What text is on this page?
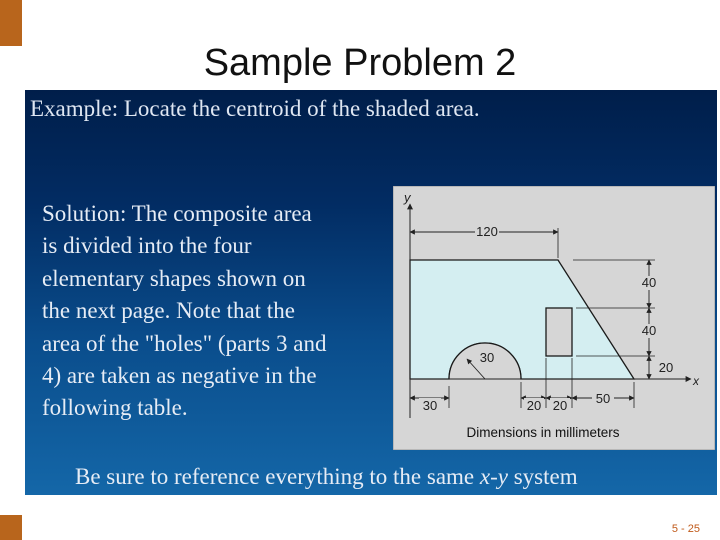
Sample Problem 2
Example: Locate the centroid of the shaded area.
Solution: The composite area
is divided into the four
elementary shapes shown on
the next page. Note that the
area of the "holes" (parts 3 and
4) are taken as negative in the
following table.
y
x
120
40
40
20
30
30	20 20 50
Dimensions in millimeters
Be sure to reference everything to the same x-y system
5 - 25
